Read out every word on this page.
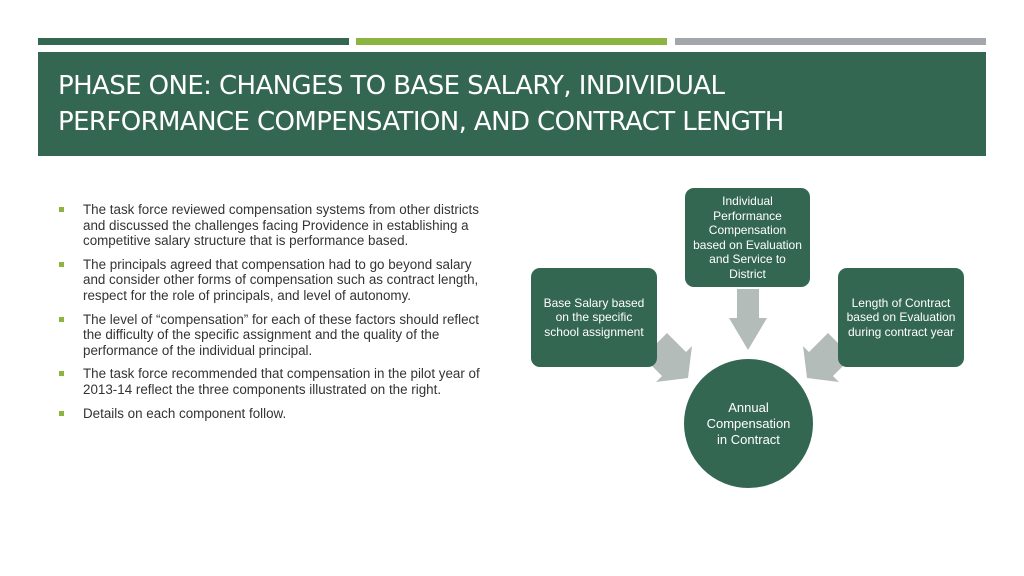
PHASE ONE: CHANGES TO BASE SALARY, INDIVIDUAL
PERFORMANCE COMPENSATION, AND CONTRACT LENGTH
The task force reviewed compensation systems from other districts and discussed the challenges facing Providence in establishing a competitive salary structure that is performance based.
The principals agreed that compensation had to go beyond salary and consider other forms of compensation such as contract length, respect for the role of principals, and level of autonomy.
The level of “compensation” for each of these factors should reflect the difficulty of the specific assignment and the quality of the performance of the individual principal.
The task force recommended that compensation in the pilot year of 2013-14 reflect the three components illustrated on the right.
Details on each component follow.
Individual
Performance
Compensation
based on Evaluation
and Service to
District
Base Salary based
on the specific
school assignment
Length of Contract
based on Evaluation
during contract year
Annual
Compensation
in Contract
